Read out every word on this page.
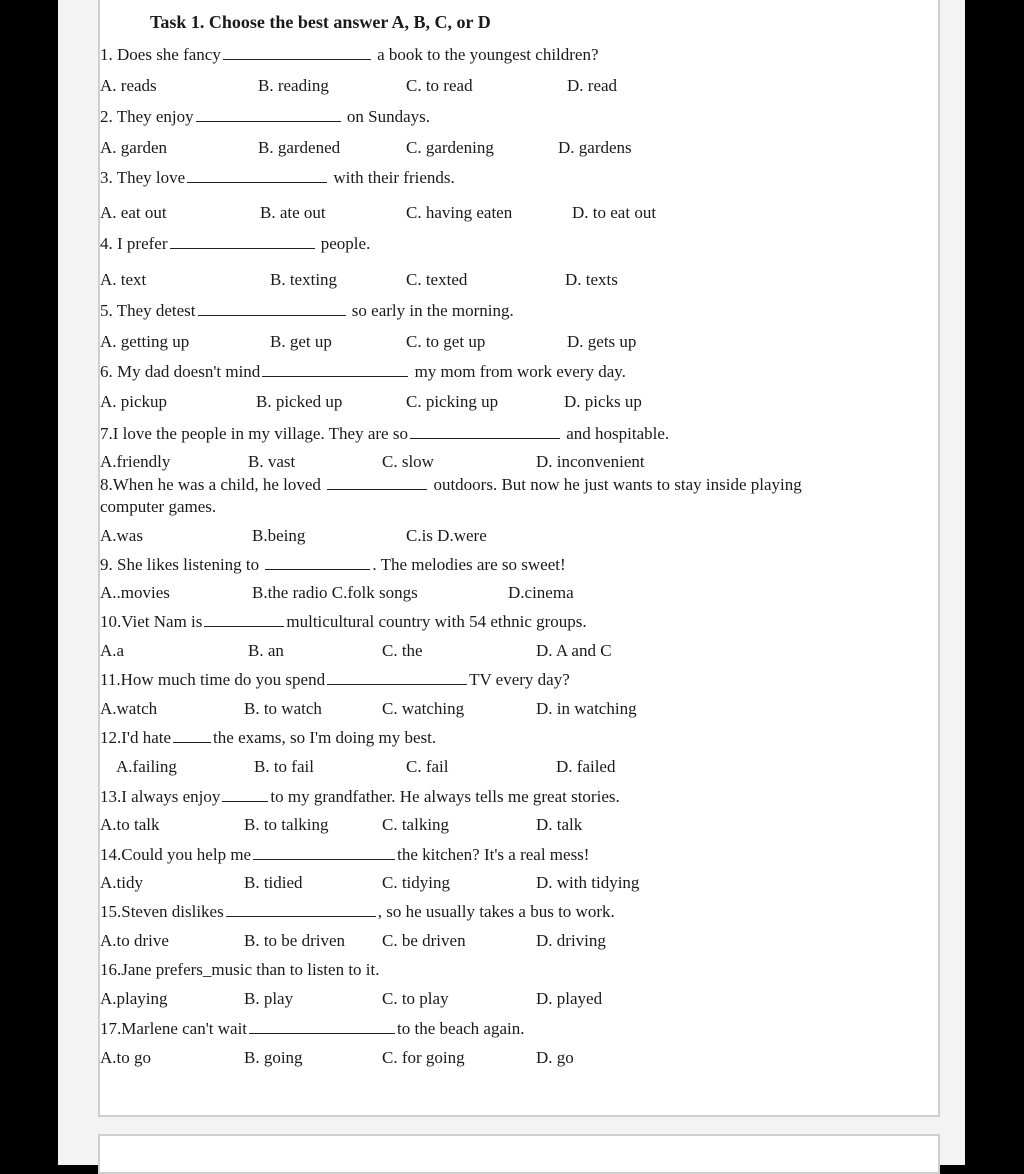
Task 1. Choose the best answer A, B, C, or D
1. Does she fancy	a book to the youngest children?
A. reads	B. reading	C. to read	D. read
2. They enjoy	on Sundays.
A. garden	B. gardened	C. gardening	D. gardens
3. They love	with their friends.
A. eat out	B. ate out	C. having eaten	D. to eat out
4. I prefer	people.
A. text	B. texting	C. texted	D. texts
5. They detest	so early in the morning.
A. getting up	B. get up	C. to get up	D. gets up
6. My dad doesn't mind	my mom from work every day.
A. pickup	B. picked up	C. picking up	D. picks up
7.I love the people in my village. They are so	and hospitable.
A.friendly	B. vast	C. slow	D. inconvenient
8.When he was a child, he loved	outdoors. But now he just wants to stay inside playing
computer games.
A.was	B.being	C.is D.were
9. She likes listening to	. The melodies are so sweet!
A..movies	B.the radio C.folk songs	D.cinema
10.Viet Nam is	multicultural country with 54 ethnic groups.
A.a	B. an	C. the	D. A and C
11.How much time do you spend	TV every day?
A.watch	B. to watch	C. watching	D. in watching
12.I'd hate the exams, so I'm doing my best.
A.failing	B. to fail	C. fail	D. failed
13.I always enjoy	to my grandfather. He always tells me great stories.
A.to talk	B. to talking	C. talking	D. talk
14.Could you help me	the kitchen? It's a real mess!
A.tidy	B. tidied	C. tidying	D. with tidying
15.Steven dislikes	, so he usually takes a bus to work.
A.to drive	B. to be driven C. be driven	D. driving
16.Jane prefers_music than to listen to it.
A.playing	B. play	C. to play	D. played
17.Marlene can't wait	to the beach again.
A.to go	B. going	C. for going	D. go
